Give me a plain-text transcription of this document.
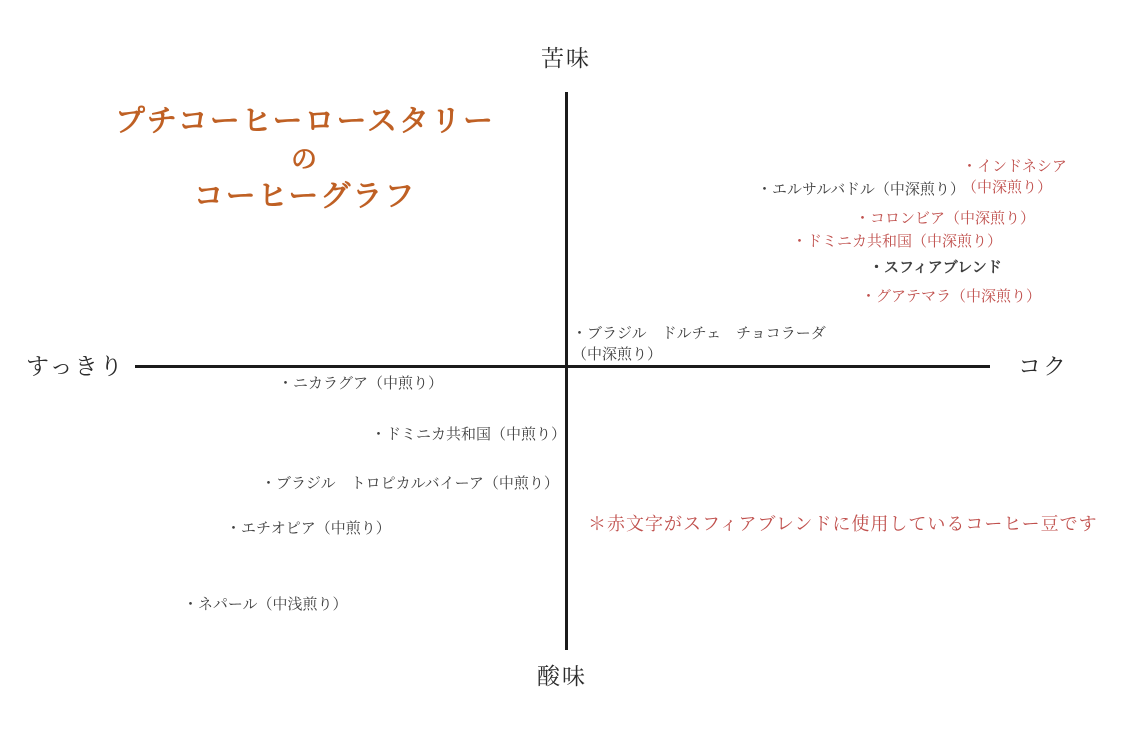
プチコーヒーロースタリー
の
コーヒーグラフ
苦味
酸味
すっきり	コク
・インドネシア
（中深煎り）
・エルサルバドル（中深煎り）
・コロンビア（中深煎り）
・ドミニカ共和国（中深煎り）
・スフィアブレンド
・グアテマラ（中深煎り）
・ブラジル　ドルチェ　チョコラーダ
（中深煎り）
・ニカラグア（中煎り）
・ドミニカ共和国（中煎り）
・ブラジル　トロピカルバイーア（中煎り）
・エチオピア（中煎り）
・ネパール（中浅煎り）
＊赤文字がスフィアブレンドに使用しているコーヒー豆です
